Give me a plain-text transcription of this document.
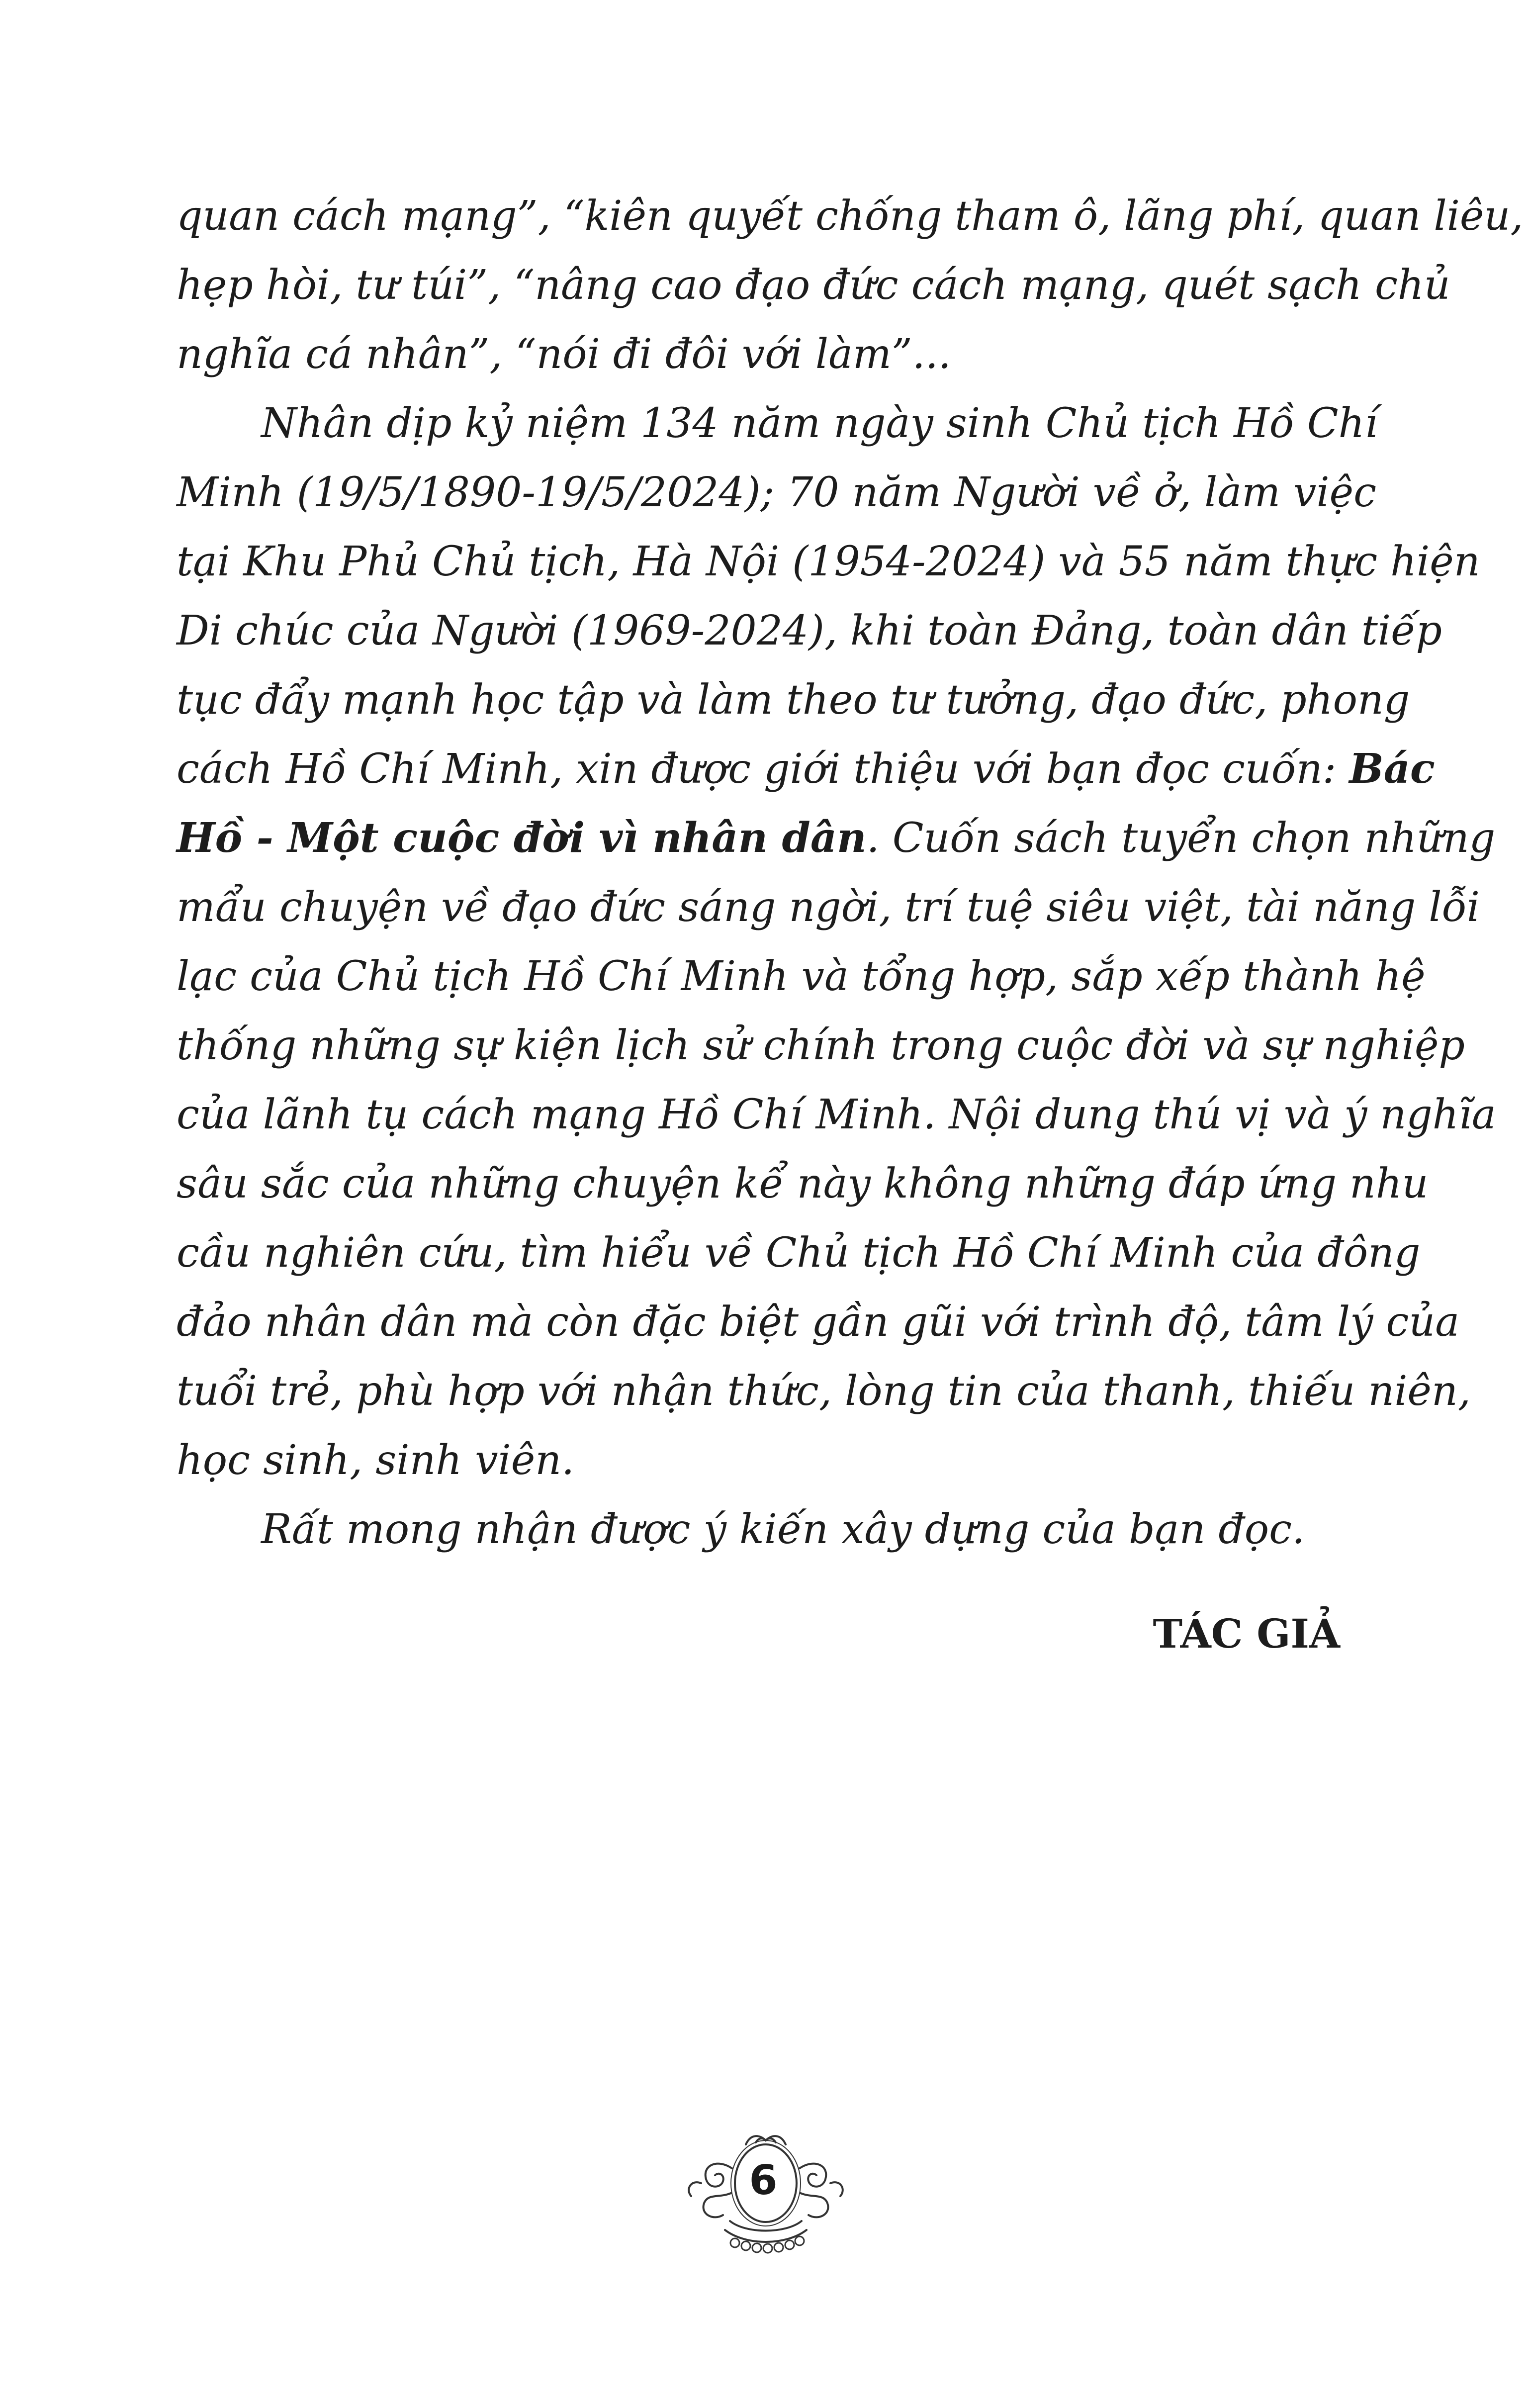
quan cách mạng”, “kiên quyết chống tham ô, lãng phí, quan liêu,
hẹp hòi, tư túi”, “nâng cao đạo đức cách mạng, quét sạch chủ
nghĩa cá nhân”, “nói đi đôi với làm”...
Nhân dịp kỷ niệm 134 năm ngày sinh Chủ tịch Hồ Chí
Minh (19/5/1890-19/5/2024); 70 năm Người về ở, làm việc
tại Khu Phủ Chủ tịch, Hà Nội (1954-2024) và 55 năm thực hiện
Di chúc của Người (1969-2024), khi toàn Đảng, toàn dân tiếp
tục đẩy mạnh học tập và làm theo tư tưởng, đạo đức, phong
cách Hồ Chí Minh, xin được giới thiệu với bạn đọc cuốn: Bác
Hồ - Một cuộc đời vì nhân dân. Cuốn sách tuyển chọn những
mẩu chuyện về đạo đức sáng ngời, trí tuệ siêu việt, tài năng lỗi
lạc của Chủ tịch Hồ Chí Minh và tổng hợp, sắp xếp thành hệ
thống những sự kiện lịch sử chính trong cuộc đời và sự nghiệp
của lãnh tụ cách mạng Hồ Chí Minh. Nội dung thú vị và ý nghĩa
sâu sắc của những chuyện kể này không những đáp ứng nhu
cầu nghiên cứu, tìm hiểu về Chủ tịch Hồ Chí Minh của đông
đảo nhân dân mà còn đặc biệt gần gũi với trình độ, tâm lý của
tuổi trẻ, phù hợp với nhận thức, lòng tin của thanh, thiếu niên,
học sinh, sinh viên.
Rất mong nhận được ý kiến xây dựng của bạn đọc.
TÁC GIẢ
6
